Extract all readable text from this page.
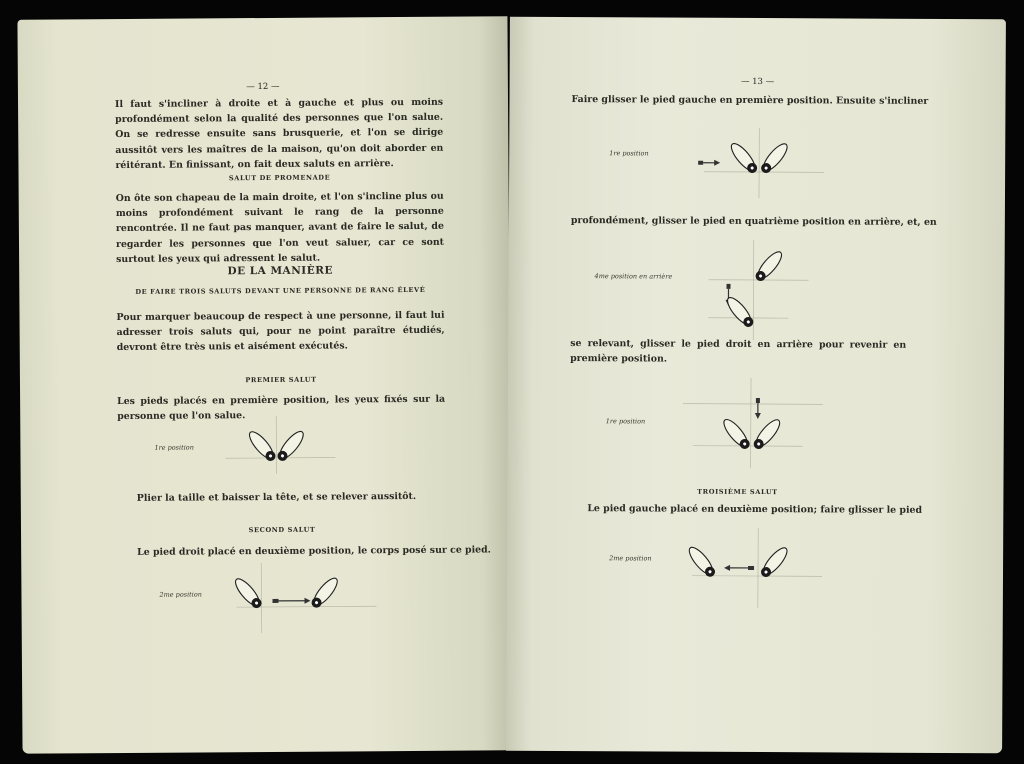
— 12 —

Il faut s'incliner à droite et à gauche et plus ou moins profondément selon la qualité des personnes que l'on salue. On se redresse ensuite sans brusquerie, et l'on se dirige aussitôt vers les maîtres de la maison, qu'on doit aborder en réitérant. En finissant, on fait deux saluts en arrière.

SALUT DE PROMENADE

On ôte son chapeau de la main droite, et l'on s'incline plus ou moins profondément suivant le rang de la personne rencontrée. Il ne faut pas manquer, avant de faire le salut, de regarder les personnes que l'on veut saluer, car ce sont surtout les yeux qui adressent le salut.

DE LA MANIÈRE

DE FAIRE TROIS SALUTS DEVANT UNE PERSONNE DE RANG ÉLEVÉ

Pour marquer beaucoup de respect à une personne, il faut lui adresser trois saluts qui, pour ne point paraître étudiés, devront être très unis et aisément exécutés.

PREMIER SALUT

Les pieds placés en première position, les yeux fixés sur la personne que l'on salue.

1re position

Plier la taille et baisser la tête, et se relever aussitôt.

SECOND SALUT

Le pied droit placé en deuxième position, le corps posé sur ce pied.

2me position

— 13 —

Faire glisser le pied gauche en première position. Ensuite s'incliner

1re position

profondément, glisser le pied en quatrième position en arrière, et, en

4me position en arrière

se relevant, glisser le pied droit en arrière pour revenir en première position.

1re position

TROISIÈME SALUT

Le pied gauche placé en deuxième position; faire glisser le pied

2me position
